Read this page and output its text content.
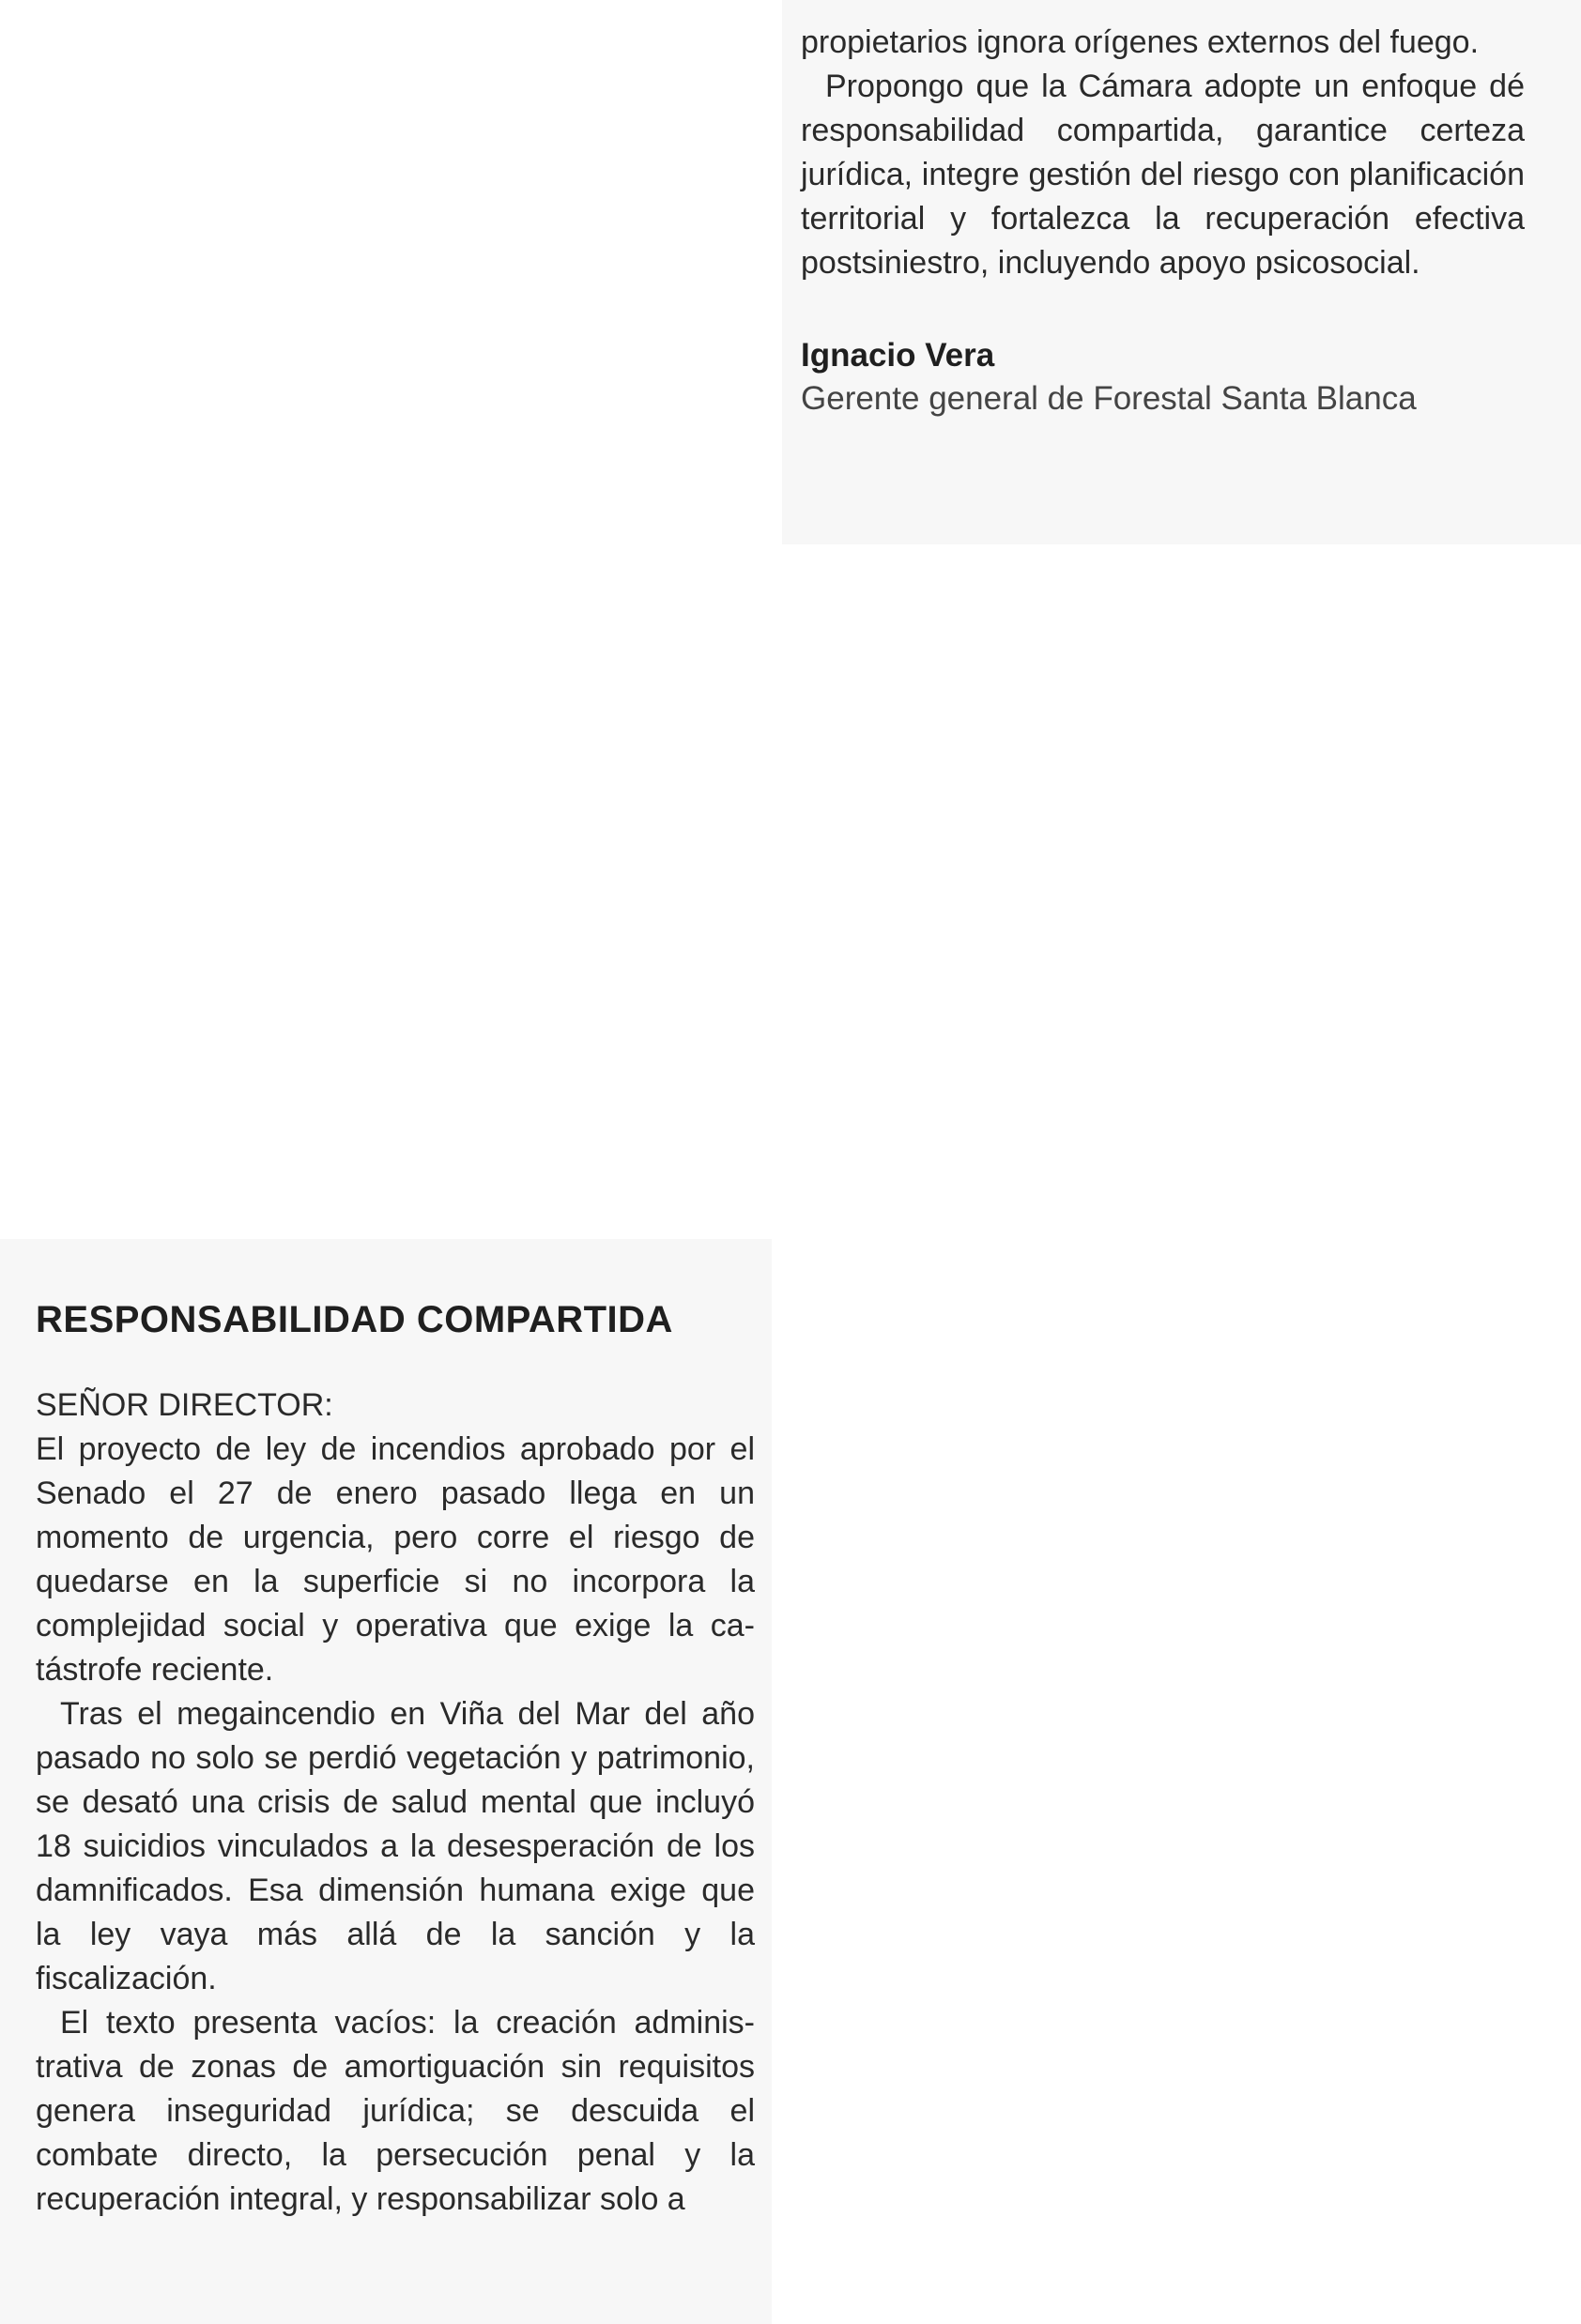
propietarios ignora orígenes externos del fuego.

Propongo que la Cámara adopte un enfoque dé responsabilidad compartida, garantice certeza jurídica, integre gestión del riesgo con planificación territorial y fortalezca la recuperación efectiva postsiniestro, incluyendo apoyo psicosocial.

Ignacio Vera
Gerente general de Forestal Santa Blanca
RESPONSABILIDAD COMPARTIDA

SEÑOR DIRECTOR:

El proyecto de ley de incendios aprobado por el Senado el 27 de enero pasado llega en un momento de urgencia, pero corre el riesgo de quedarse en la superficie si no incorpora la complejidad social y operativa que exige la catástrofe reciente.

Tras el megaincendio en Viña del Mar del año pasado no solo se perdió vegetación y patrimonio, se desató una crisis de salud mental que incluyó 18 suicidios vinculados a la desesperación de los damnificados. Esa dimensión humana exige que la ley vaya más allá de la sanción y la fiscalización.

El texto presenta vacíos: la creación administrativa de zonas de amortiguación sin requisitos genera inseguridad jurídica; se descuida el combate directo, la persecución penal y la recuperación integral, y responsabilizar solo a
